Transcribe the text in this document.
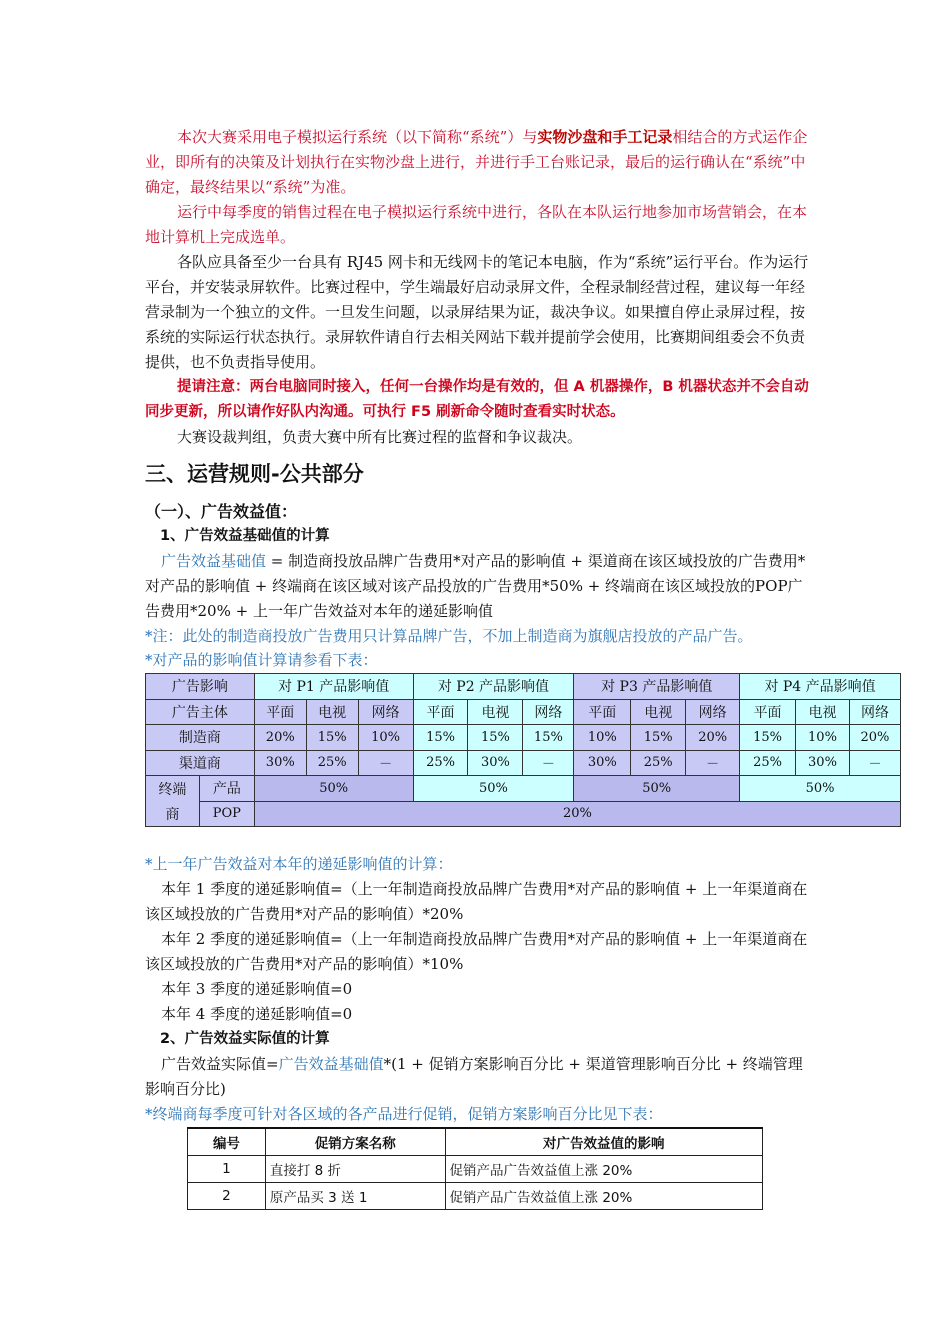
本次大赛采用电子模拟运行系统（以下简称“系统”）与实物沙盘和手工记录相结合的方式运作企业，即所有的决策及计划执行在实物沙盘上进行，并进行手工台账记录，最后的运行确认在“系统”中确定，最终结果以“系统”为准。

运行中每季度的销售过程在电子模拟运行系统中进行，各队在本队运行地参加市场营销会，在本地计算机上完成选单。

各队应具备至少一台具有 RJ45 网卡和无线网卡的笔记本电脑，作为“系统”运行平台。作为运行平台，并安装录屏软件。比赛过程中，学生端最好启动录屏文件，全程录制经营过程，建议每一年经营录制为一个独立的文件。一旦发生问题，以录屏结果为证，裁决争议。如果擅自停止录屏过程，按系统的实际运行状态执行。录屏软件请自行去相关网站下载并提前学会使用，比赛期间组委会不负责提供，也不负责指导使用。

提请注意：两台电脑同时接入，任何一台操作均是有效的，但 A 机器操作，B 机器状态并不会自动同步更新，所以请作好队内沟通。可执行 F5 刷新命令随时查看实时状态。

大赛设裁判组，负责大赛中所有比赛过程的监督和争议裁决。

三、运营规则-公共部分

（一）、广告效益值：

1、广告效益基础值的计算

广告效益基础值 = 制造商投放品牌广告费用*对产品的影响值 + 渠道商在该区域投放的广告费用*对产品的影响值 + 终端商在该区域对该产品投放的广告费用*50% + 终端商在该区域投放的POP广告费用*20% + 上一年广告效益对本年的递延影响值

*注：此处的制造商投放广告费用只计算品牌广告，不加上制造商为旗舰店投放的产品广告。

*对产品的影响值计算请参看下表：

广告影响		对 P1 产品影响值			对 P2 产品影响值			对 P3 产品影响值			对 P4 产品影响值		
广告主体		平面	电视	网络	平面	电视	网络	平面	电视	网络	平面	电视	网络
制造商		20%	15%	10%	15%	15%	15%	10%	15%	20%	15%	10%	20%
渠道商		30%	25%	－	25%	30%	－	30%	25%	－	25%	30%	－
终端	产品	50%			50%			50%			50%		
商	POP	20%											

*上一年广告效益对本年的递延影响值的计算：

本年 1 季度的递延影响值=（上一年制造商投放品牌广告费用*对产品的影响值 + 上一年渠道商在该区域投放的广告费用*对产品的影响值）*20%

本年 2 季度的递延影响值=（上一年制造商投放品牌广告费用*对产品的影响值 + 上一年渠道商在该区域投放的广告费用*对产品的影响值）*10%

本年 3 季度的递延影响值=0

本年 4 季度的递延影响值=0

2、广告效益实际值的计算

广告效益实际值=广告效益基础值*(1 + 促销方案影响百分比 + 渠道管理影响百分比 + 终端管理影响百分比)

*终端商每季度可针对各区域的各产品进行促销，促销方案影响百分比见下表：

编号	促销方案名称	对广告效益值的影响
1	直接打 8 折	促销产品广告效益值上涨 20%
2	原产品买 3 送 1	促销产品广告效益值上涨 20%
